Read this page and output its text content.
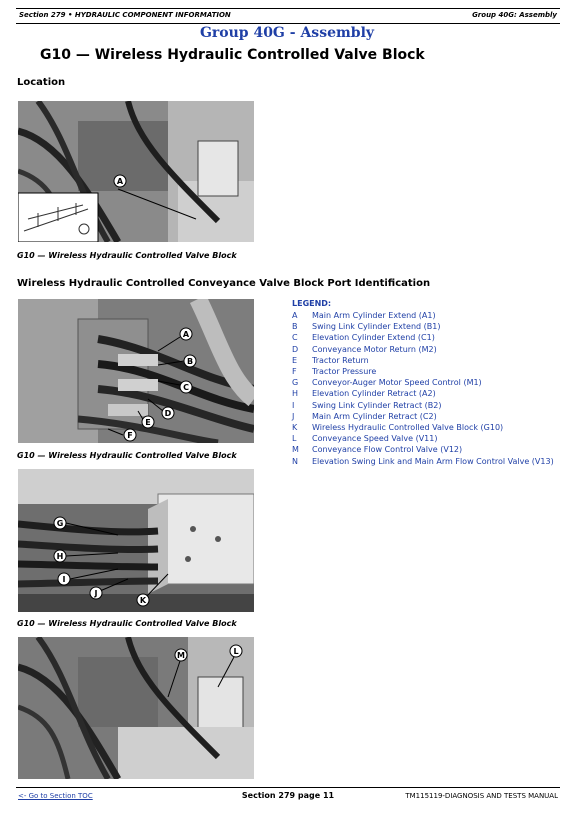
Section 279 • HYDRAULIC COMPONENT INFORMATION	Group 40G: Assembly
Group 40G - Assembly
G10 — Wireless Hydraulic Controlled Valve Block
Location
A
G10 — Wireless Hydraulic Controlled Valve Block
Wireless Hydraulic Controlled Conveyance Valve Block Port Identification
A
B
C
D
E
F
G10 — Wireless Hydraulic Controlled Valve Block
G
H
I
J
K
G10 — Wireless Hydraulic Controlled Valve Block
M	L
LEGEND:
A	Main Arm Cylinder Extend (A1)
B	Swing Link Cylinder Extend (B1)
C	Elevation Cylinder Extend (C1)
D	Conveyance Motor Return (M2)
E	Tractor Return
F	Tractor Pressure
G	Conveyor-Auger Motor Speed Control (M1)
H	Elevation Cylinder Retract (A2)
I	Swing Link Cylinder Retract (B2)
J	Main Arm Cylinder Retract (C2)
K	Wireless Hydraulic Controlled Valve Block (G10)
L	Conveyance Speed Valve (V11)
M	Conveyance Flow Control Valve (V12)
N	Elevation Swing Link and Main Arm Flow Control Valve (V13)
<- Go to Section TOC	Section 279 page 11	TM115119-DIAGNOSIS AND TESTS MANUAL
